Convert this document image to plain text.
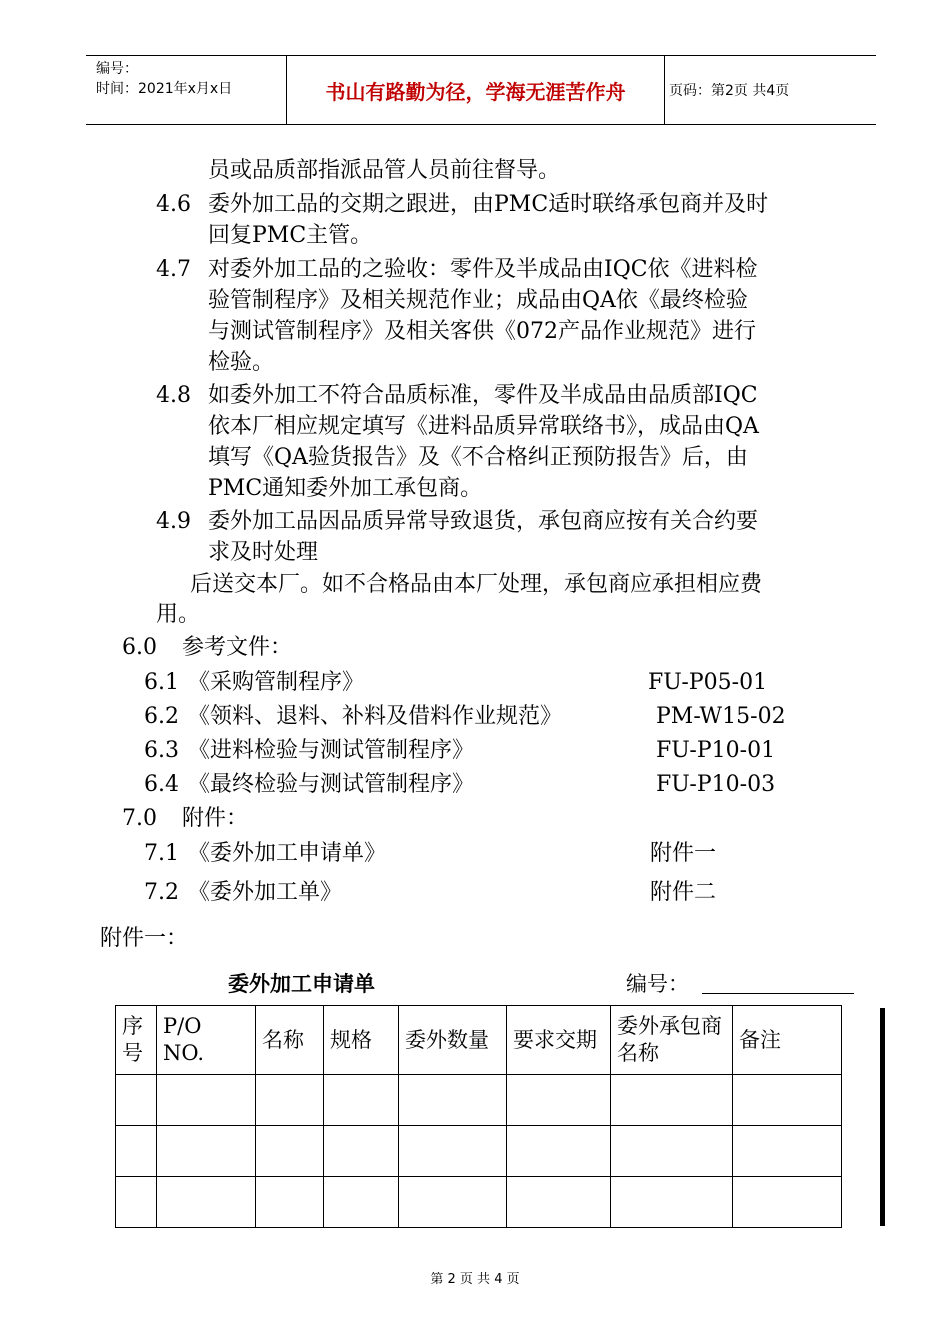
编号：
时间：2021年x月x日	书山有路勤为径，学海无涯苦作舟	页码：第2页 共4页
员或品质部指派品管人员前往督导。
4.6 委外加工品的交期之跟进，由PMC适时联络承包商并及时
回复PMC主管。
4.7 对委外加工品的之验收：零件及半成品由IQC依《进料检
验管制程序》及相关规范作业；成品由QA依《最终检验
与测试管制程序》及相关客供《072产品作业规范》进行
检验。
4.8 如委外加工不符合品质标准，零件及半成品由品质部IQC
依本厂相应规定填写《进料品质异常联络书》，成品由QA
填写《QA验货报告》及《不合格纠正预防报告》后，由
PMC通知委外加工承包商。
4.9 委外加工品因品质异常导致退货，承包商应按有关合约要
求及时处理
后送交本厂。如不合格品由本厂处理，承包商应承担相应费
用。
6.0 参考文件：
6.1 《采购管制程序》	FU-P05-01
6.2 《领料、退料、补料及借料作业规范》	PM-W15-02
6.3 《进料检验与测试管制程序》	FU-P10-01
6.4 《最终检验与测试管制程序》	FU-P10-03
7.0 附件：
7.1 《委外加工申请单》	附件一
7.2 《委外加工单》	附件二
附件一：
委外加工申请单	编号：
序号	P/O NO.	名称	规格	委外数量	要求交期	委外承包商名称	备注

第 2 页 共 4 页
